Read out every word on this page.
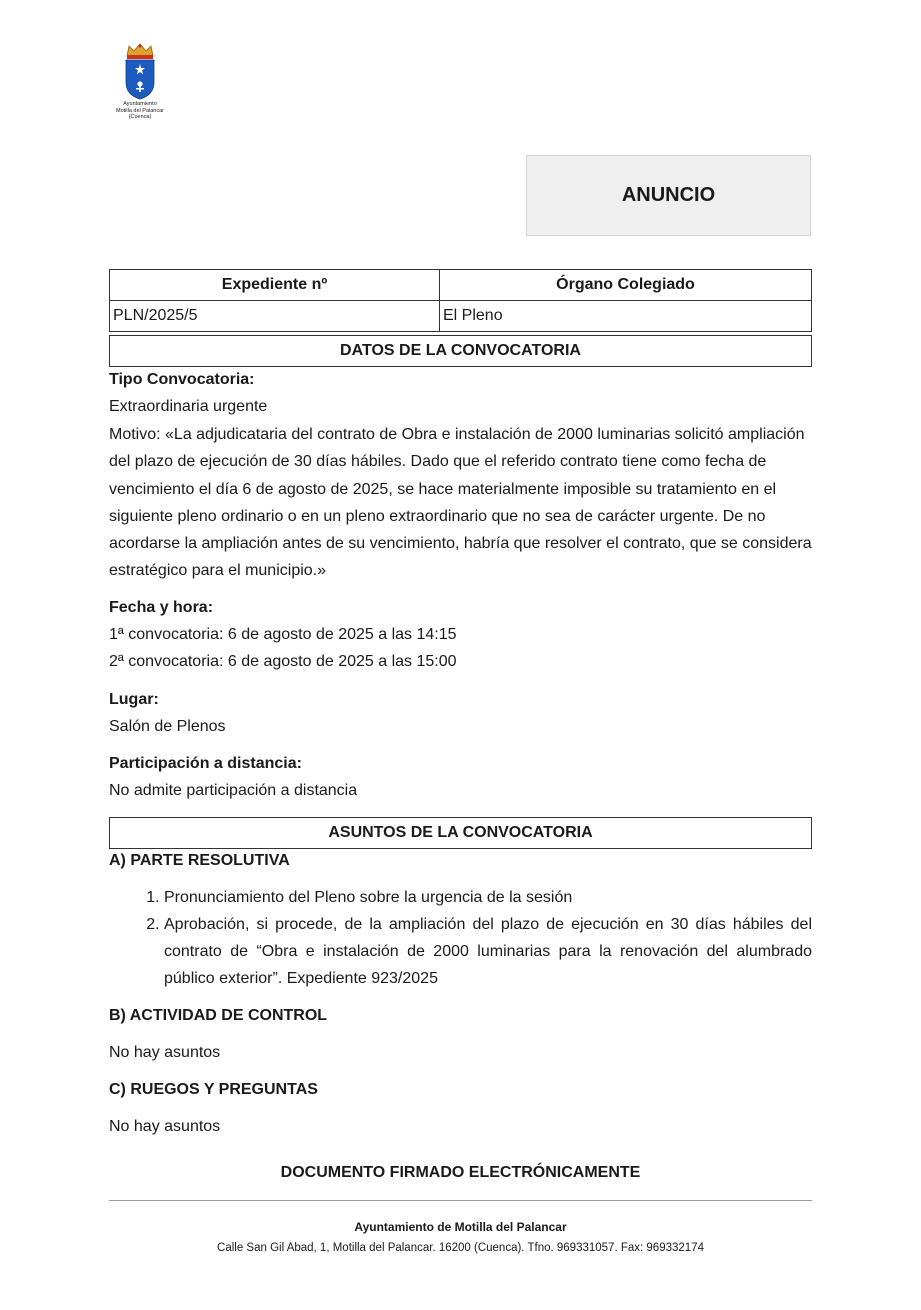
Ayuntamiento
Motilla del Palancar
(Cuenca)
ANUNCIO
Expediente nº	Órgano Colegiado
PLN/2025/5	El Pleno
DATOS DE LA CONVOCATORIA
Tipo Convocatoria:
Extraordinaria urgente
Motivo: «La adjudicataria del contrato de Obra e instalación de 2000 luminarias solicitó ampliación del plazo de ejecución de 30 días hábiles. Dado que el referido contrato tiene como fecha de vencimiento el día 6 de agosto de 2025, se hace materialmente imposible su tratamiento en el siguiente pleno ordinario o en un pleno extraordinario que no sea de carácter urgente. De no acordarse la ampliación antes de su vencimiento, habría que resolver el contrato, que se considera estratégico para el municipio.»
Fecha y hora:
1ª convocatoria: 6 de agosto de 2025 a las 14:15
2ª convocatoria: 6 de agosto de 2025 a las 15:00
Lugar:
Salón de Plenos
Participación a distancia:
No admite participación a distancia
ASUNTOS DE LA CONVOCATORIA
A) PARTE RESOLUTIVA
1. Pronunciamiento del Pleno sobre la urgencia de la sesión
2. Aprobación, si procede, de la ampliación del plazo de ejecución en 30 días hábiles del contrato de “Obra e instalación de 2000 luminarias para la renovación del alumbrado público exterior”. Expediente 923/2025
B) ACTIVIDAD DE CONTROL
No hay asuntos
C) RUEGOS Y PREGUNTAS
No hay asuntos
DOCUMENTO FIRMADO ELECTRÓNICAMENTE
Ayuntamiento de Motilla del Palancar
Calle San Gil Abad, 1, Motilla del Palancar. 16200 (Cuenca). Tfno. 969331057. Fax: 969332174
